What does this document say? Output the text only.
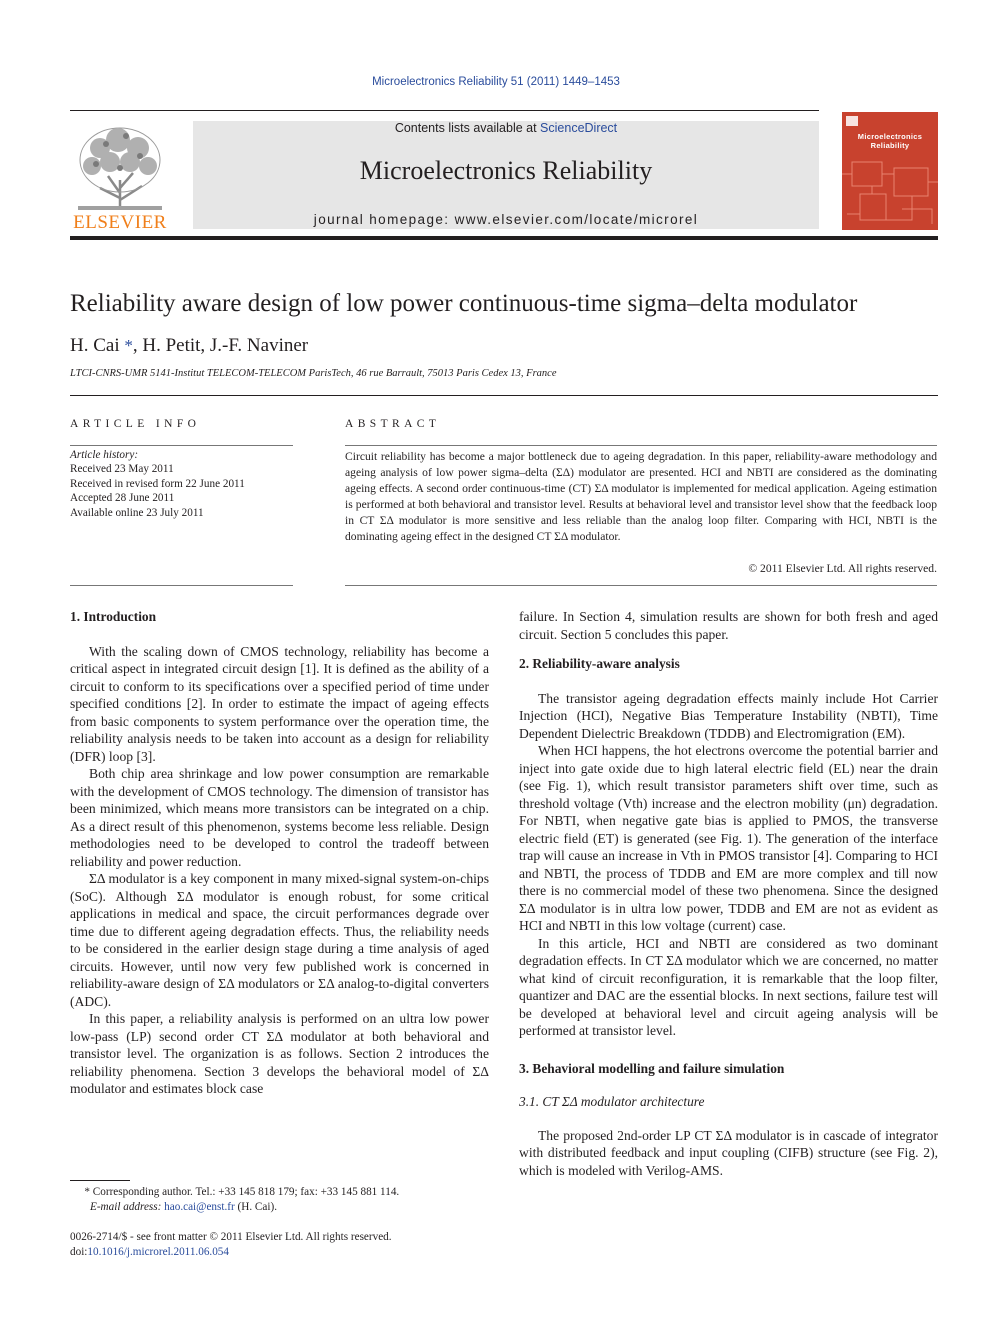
Microelectronics Reliability 51 (2011) 1449–1453
ELSEVIER
Contents lists available at ScienceDirect
Microelectronics Reliability
journal homepage: www.elsevier.com/locate/microrel
Microelectronics
Reliability
Reliability aware design of low power continuous-time sigma–delta modulator
H. Cai *, H. Petit, J.-F. Naviner
LTCI-CNRS-UMR 5141-Institut TELECOM-TELECOM ParisTech, 46 rue Barrault, 75013 Paris Cedex 13, France
ARTICLE INFO
Article history:
Received 23 May 2011
Received in revised form 22 June 2011
Accepted 28 June 2011
Available online 23 July 2011
ABSTRACT
Circuit reliability has become a major bottleneck due to ageing degradation. In this paper, reliability-aware methodology and ageing analysis of low power sigma–delta (ΣΔ) modulator are presented. HCI and NBTI are considered as the dominating ageing effects. A second order continuous-time (CT) ΣΔ modulator is implemented for medical application. Ageing estimation is performed at both behavioral and transistor level. Results at behavioral level and transistor level show that the feedback loop in CT ΣΔ modulator is more sensitive and less reliable than the analog loop filter. Comparing with HCI, NBTI is the dominating ageing effect in the designed CT ΣΔ modulator.
© 2011 Elsevier Ltd. All rights reserved.
1. Introduction

With the scaling down of CMOS technology, reliability has become a critical aspect in integrated circuit design [1]. It is defined as the ability of a circuit to conform to its specifications over a specified period of time under specified conditions [2]. In order to estimate the impact of ageing effects from basic components to system performance over the operation time, the reliability analysis needs to be taken into account as a design for reliability (DFR) loop [3].

Both chip area shrinkage and low power consumption are remarkable with the development of CMOS technology. The dimension of transistor has been minimized, which means more transistors can be integrated on a chip. As a direct result of this phenomenon, systems become less reliable. Design methodologies need to be developed to control the tradeoff between reliability and power reduction.

ΣΔ modulator is a key component in many mixed-signal system-on-chips (SoC). Although ΣΔ modulator is enough robust, for some critical applications in medical and space, the circuit performances degrade over time due to different ageing degradation effects. Thus, the reliability needs to be considered in the earlier design stage during a time analysis of aged circuits. However, until now very few published work is concerned in reliability-aware design of ΣΔ modulators or ΣΔ analog-to-digital converters (ADC).

In this paper, a reliability analysis is performed on an ultra low power low-pass (LP) second order CT ΣΔ modulator at both behavioral and transistor level. The organization is as follows. Section 2 introduces the reliability phenomena. Section 3 develops the behavioral model of ΣΔ modulator and estimates block case

failure. In Section 4, simulation results are shown for both fresh and aged circuit. Section 5 concludes this paper.

2. Reliability-aware analysis

The transistor ageing degradation effects mainly include Hot Carrier Injection (HCI), Negative Bias Temperature Instability (NBTI), Time Dependent Dielectric Breakdown (TDDB) and Electromigration (EM).

When HCI happens, the hot electrons overcome the potential barrier and inject into gate oxide due to high lateral electric field (EL) near the drain (see Fig. 1), which result transistor parameters shift over time, such as threshold voltage (Vth) increase and the electron mobility (μn) degradation. For NBTI, when negative gate bias is applied to PMOS, the transverse electric field (ET) is generated (see Fig. 1). The generation of the interface trap will cause an increase in Vth in PMOS transistor [4]. Comparing to HCI and NBTI, the process of TDDB and EM are more complex and till now there is no commercial model of these two phenomena. Since the designed ΣΔ modulator is in ultra low power, TDDB and EM are not as evident as HCI and NBTI in this low voltage (current) case.

In this article, HCI and NBTI are considered as two dominant degradation effects. In CT ΣΔ modulator which we are concerned, no matter what kind of circuit reconfiguration, it is remarkable that the loop filter, quantizer and DAC are the essential blocks. In next sections, failure test will be developed at behavioral level and circuit ageing analysis will be performed at transistor level.

3. Behavioral modelling and failure simulation
3.1. CT ΣΔ modulator architecture

The proposed 2nd-order LP CT ΣΔ modulator is in cascade of integrator with distributed feedback and input coupling (CIFB) structure (see Fig. 2), which is modeled with Verilog-AMS.

* Corresponding author. Tel.: +33 145 818 179; fax: +33 145 881 114.
E-mail address: hao.cai@enst.fr (H. Cai).
0026-2714/$ - see front matter © 2011 Elsevier Ltd. All rights reserved.
doi:10.1016/j.microrel.2011.06.054
